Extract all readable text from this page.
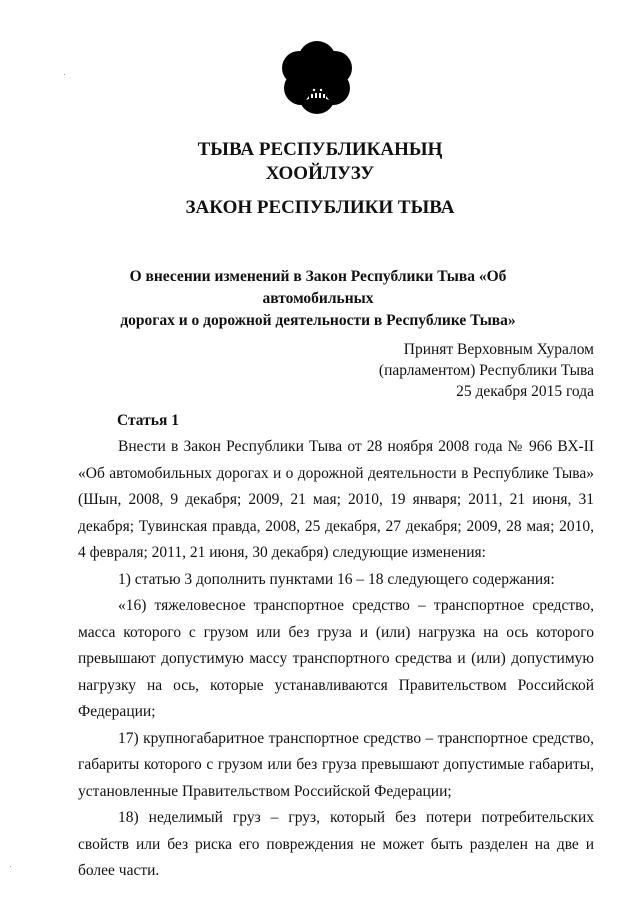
ТЫВА РЕСПУБЛИКАНЫҢ
ХООЙЛУЗУ
ЗАКОН РЕСПУБЛИКИ ТЫВА
О внесении изменений в Закон Республики Тыва «Об автомобильных
дорогах и о дорожной деятельности в Республике Тыва»
Принят Верховным Хуралом
(парламентом) Республики Тыва
25 декабря 2015 года
Статья 1

Внести в Закон Республики Тыва от 28 ноября 2008 года № 966 ВХ-II «Об автомобильных дорогах и о дорожной деятельности в Республике Тыва» (Шын, 2008, 9 декабря; 2009, 21 мая; 2010, 19 января; 2011, 21 июня, 31 декабря; Тувинская правда, 2008, 25 декабря, 27 декабря; 2009, 28 мая; 2010, 4 февраля; 2011, 21 июня, 30 декабря) следующие изменения:

1) статью 3 дополнить пунктами 16 – 18 следующего содержания:

«16) тяжеловесное транспортное средство – транспортное средство, масса которого с грузом или без груза и (или) нагрузка на ось которого превышают допустимую массу транспортного средства и (или) допустимую нагрузку на ось, которые устанавливаются Правительством Российской Федерации;

17) крупногабаритное транспортное средство – транспортное средство, габариты которого с грузом или без груза превышают допустимые габариты, установленные Правительством Российской Федерации;

18) неделимый груз – груз, который без потери потребительских свойств или без риска его повреждения не может быть разделен на две и более части.
